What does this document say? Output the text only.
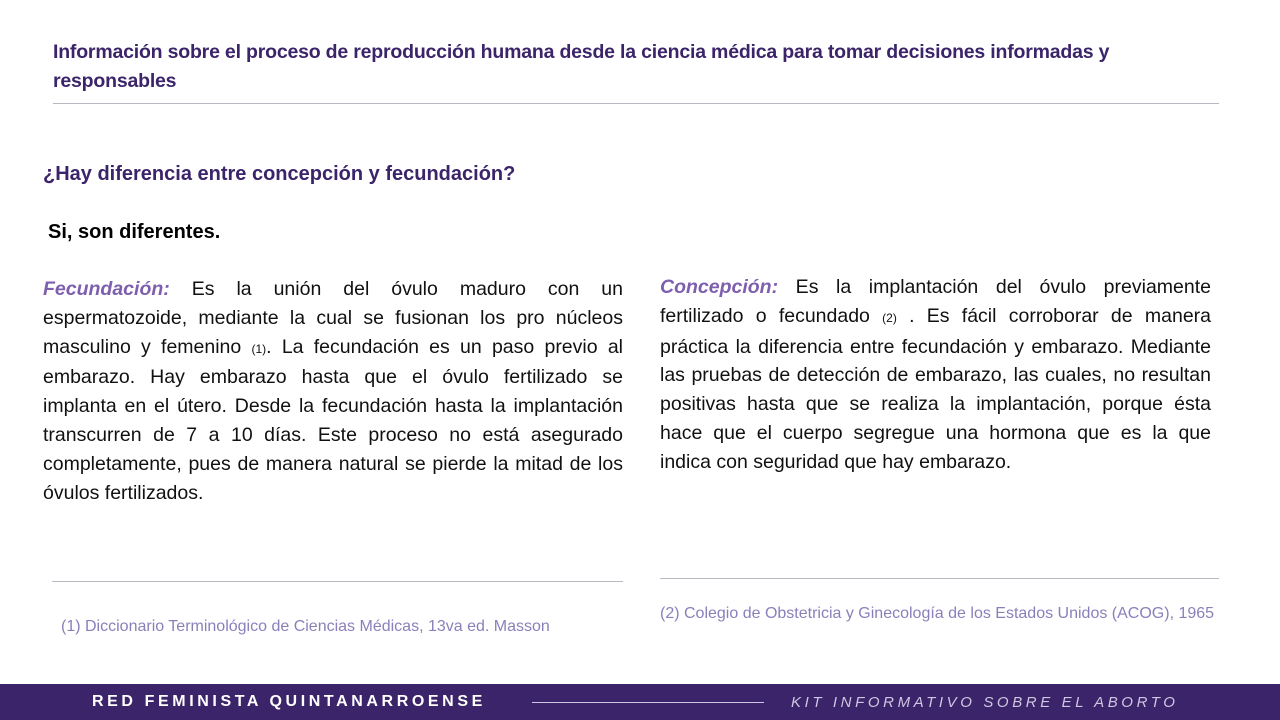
Información sobre el proceso de reproducción humana desde la ciencia médica para tomar decisiones informadas y responsables
¿Hay diferencia entre concepción y fecundación?
Si, son diferentes.
Fecundación: Es la unión del óvulo maduro con un espermatozoide, mediante la cual se fusionan los pro núcleos masculino y femenino (1). La fecundación es un paso previo al embarazo. Hay embarazo hasta que el óvulo fertilizado se implanta en el útero. Desde la fecundación hasta la implantación transcurren de 7 a 10 días. Este proceso no está asegurado completamente, pues de manera natural se pierde la mitad de los óvulos fertilizados.
Concepción: Es la implantación del óvulo previamente fertilizado o fecundado (2) . Es fácil corroborar de manera práctica la diferencia entre fecundación y embarazo. Mediante las pruebas de detección de embarazo, las cuales, no resultan positivas hasta que se realiza la implantación, porque ésta hace que el cuerpo segregue una hormona que es la que indica con seguridad que hay embarazo.
(1) Diccionario Terminológico de Ciencias Médicas, 13va ed. Masson
(2) Colegio de Obstetricia y Ginecología de los Estados Unidos (ACOG), 1965
RED FEMINISTA QUINTANARROENSE	KIT INFORMATIVO SOBRE EL ABORTO
